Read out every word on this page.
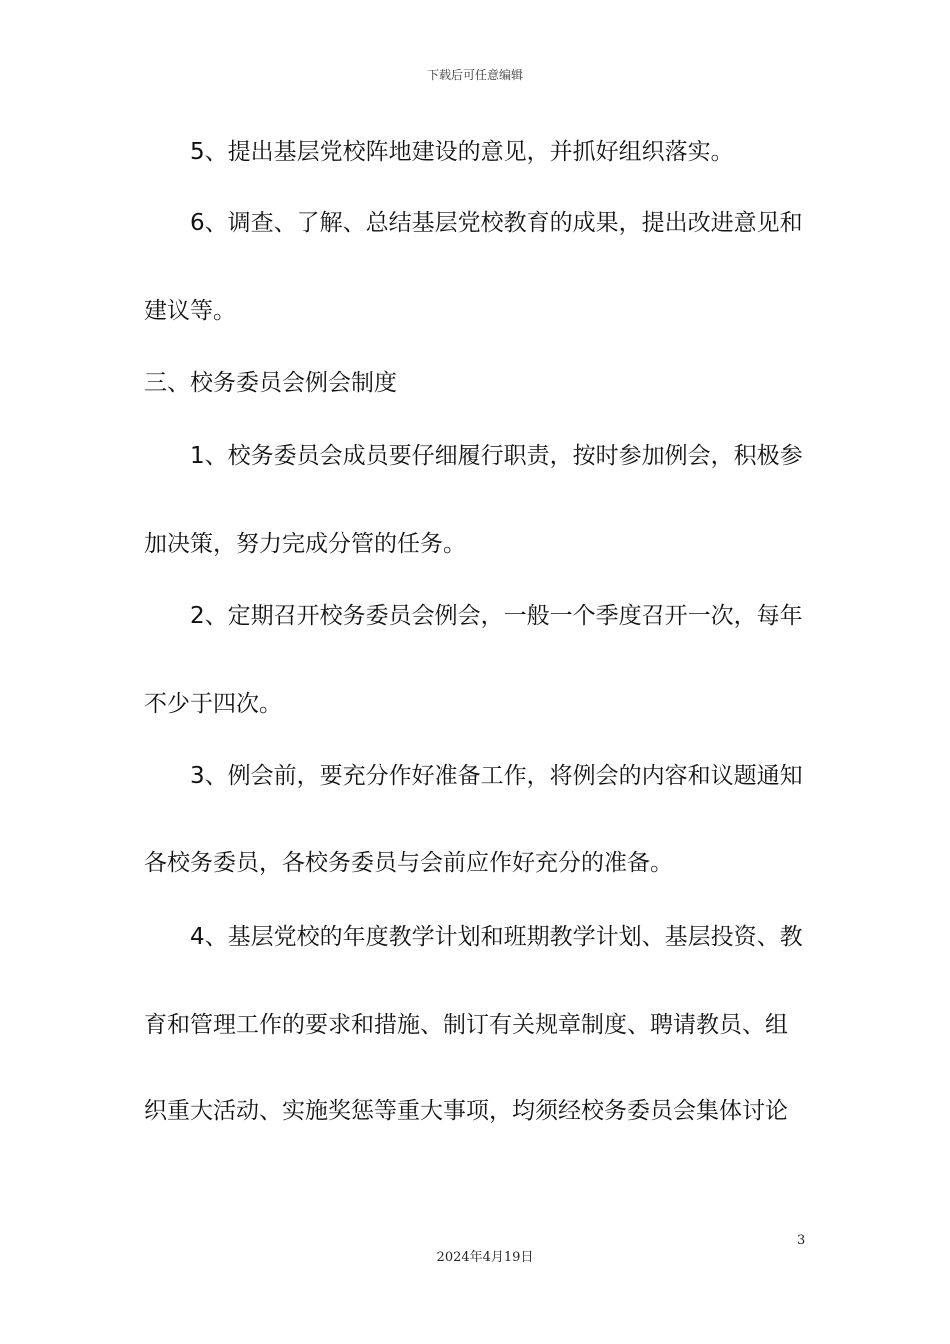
下载后可任意编辑
5、提出基层党校阵地建设的意见，并抓好组织落实。
6、调查、了解、总结基层党校教育的成果，提出改进意见和
建议等。
三、校务委员会例会制度
1、校务委员会成员要仔细履行职责，按时参加例会，积极参
加决策，努力完成分管的任务。
2、定期召开校务委员会例会，一般一个季度召开一次，每年
不少于四次。
3、例会前，要充分作好准备工作，将例会的内容和议题通知
各校务委员，各校务委员与会前应作好充分的准备。
4、基层党校的年度教学计划和班期教学计划、基层投资、教
育和管理工作的要求和措施、制订有关规章制度、聘请教员、组
织重大活动、实施奖惩等重大事项，均须经校务委员会集体讨论
3
2024年4月19日
